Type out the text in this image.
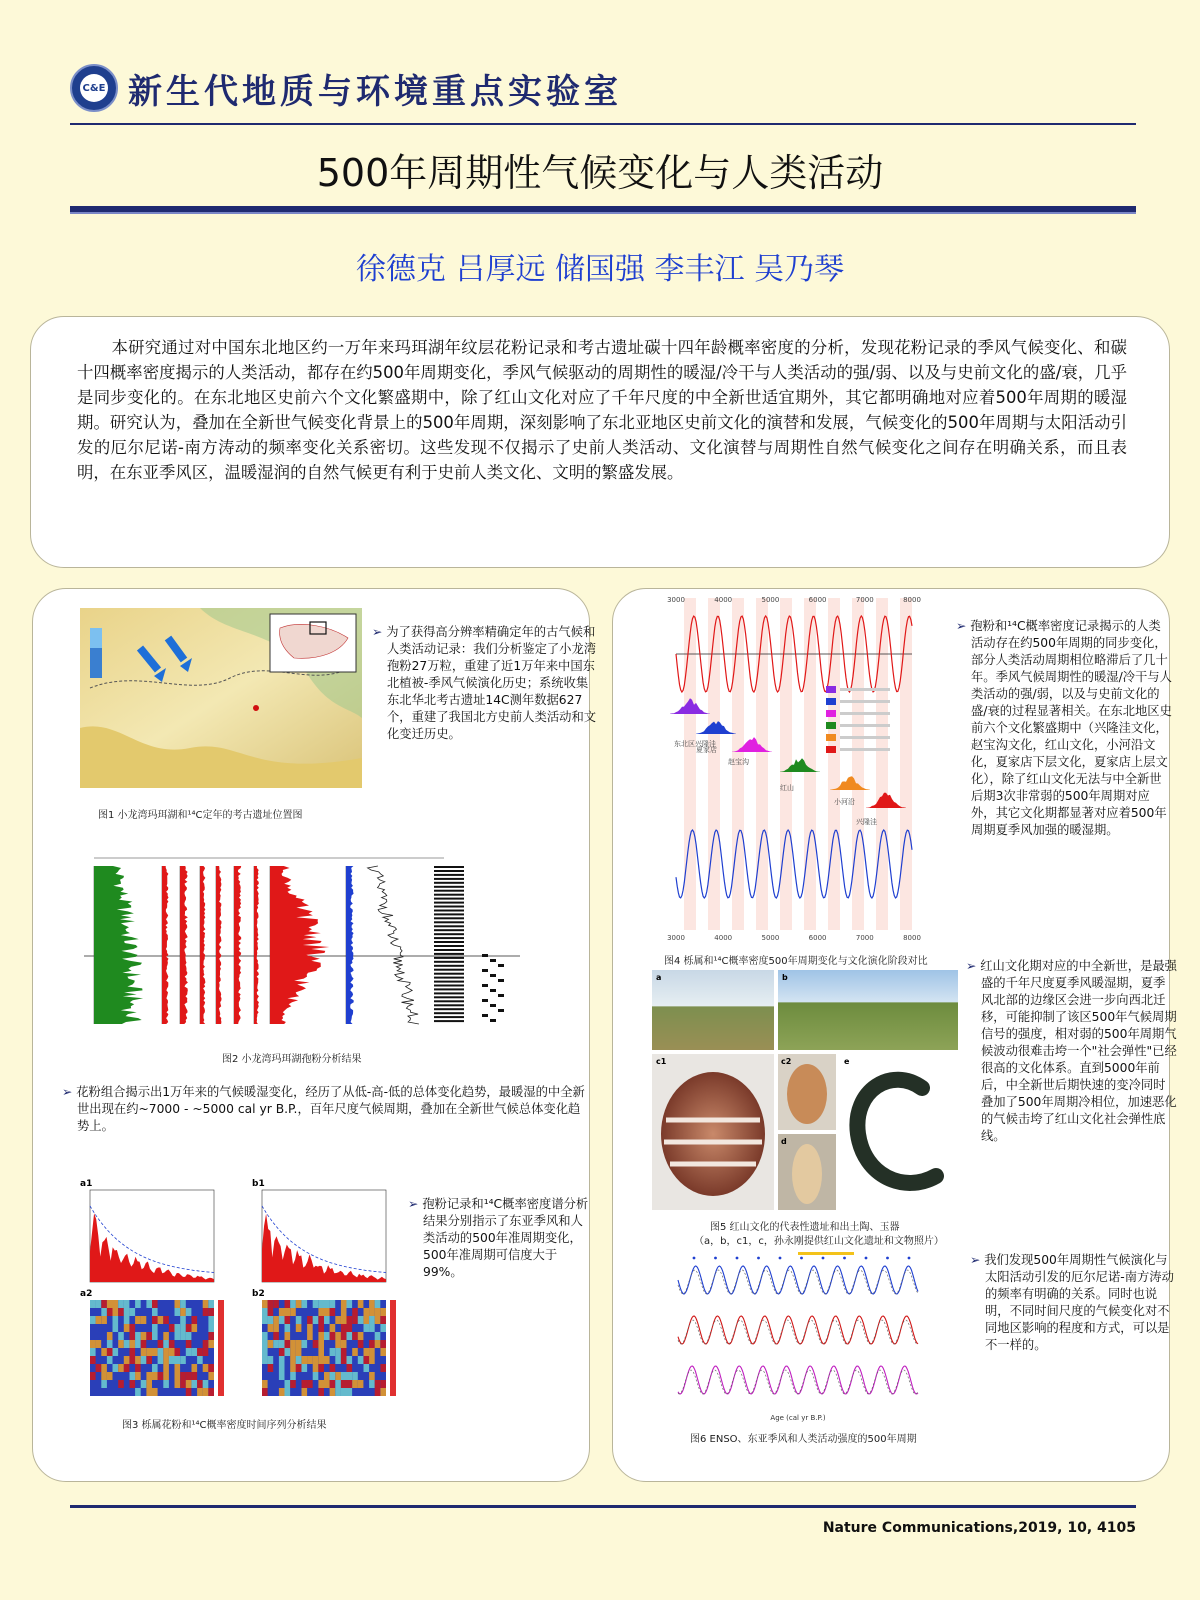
C&E 新生代地质与环境重点实验室
500年周期性气候变化与人类活动
徐德克 吕厚远 储国强 李丰江 吴乃琴
本研究通过对中国东北地区约一万年来玛珥湖年纹层花粉记录和考古遗址碳十四年龄概率密度的分析，发现花粉记录的季风气候变化、和碳十四概率密度揭示的人类活动，都存在约500年周期变化，季风气候驱动的周期性的暖湿/冷干与人类活动的强/弱、以及与史前文化的盛/衰，几乎是同步变化的。在东北地区史前六个文化繁盛期中，除了红山文化对应了千年尺度的中全新世适宜期外，其它都明确地对应着500年周期的暖湿期。研究认为，叠加在全新世气候变化背景上的500年周期，深刻影响了东北亚地区史前文化的演替和发展，气候变化的500年周期与太阳活动引发的厄尔尼诺-南方涛动的频率变化关系密切。这些发现不仅揭示了史前人类活动、文化演替与周期性自然气候变化之间存在明确关系，而且表明，在东亚季风区，温暖湿润的自然气候更有利于史前人类文化、文明的繁盛发展。
图1 小龙湾玛珥湖和¹⁴C定年的考古遗址位置图
➢ 为了获得高分辨率精确定年的古气候和人类活动记录：我们分析鉴定了小龙湾孢粉27万粒，重建了近1万年来中国东北植被-季风气候演化历史；系统收集东北华北考古遗址14C测年数据627个，重建了我国北方史前人类活动和文化变迁历史。
图2 小龙湾玛珥湖孢粉分析结果
➢ 花粉组合揭示出1万年来的气候暖湿变化，经历了从低-高-低的总体变化趋势，最暖湿的中全新世出现在约~7000 - ~5000 cal yr B.P.，百年尺度气候周期，叠加在全新世气候总体变化趋势上。
a1	b1
a2	b2
➢ 孢粉记录和¹⁴C概率密度谱分析结果分别指示了东亚季风和人类活动的500年准周期变化，500年准周期可信度大于99%。
图3 栎属花粉和¹⁴C概率密度时间序列分析结果
3000
3000
4000
4000
5000
5000
6000
6000
7000
7000
8000
8000
东北区兴隆洼
夏家店
红山
赵宝沟
小河沿
兴隆洼
图4 栎属和¹⁴C概率密度500年周期变化与文化演化阶段对比
➢ 孢粉和¹⁴C概率密度记录揭示的人类活动存在约500年周期的同步变化，部分人类活动周期相位略滞后了几十年。季风气候周期性的暖湿/冷干与人类活动的强/弱，以及与史前文化的盛/衰的过程显著相关。在东北地区史前六个文化繁盛期中（兴隆洼文化，赵宝沟文化，红山文化，小河沿文化，夏家店下层文化，夏家店上层文化），除了红山文化无法与中全新世后期3次非常弱的500年周期对应外，其它文化期都显著对应着500年周期夏季风加强的暖湿期。
a	b
c1	c2
d
e
图5 红山文化的代表性遗址和出土陶、玉器
（a，b，c1，c，孙永刚提供红山文化遗址和文物照片）
➢ 红山文化期对应的中全新世，是最强盛的千年尺度夏季风暖湿期，夏季风北部的边缘区会进一步向西北迁移，可能抑制了该区500年气候周期信号的强度，相对弱的500年周期气候波动很难击垮一个"社会弹性"已经很高的文化体系。直到5000年前后，中全新世后期快速的变冷同时叠加了500年周期冷相位，加速恶化的气候击垮了红山文化社会弹性底线。
Age (cal yr B.P.)
图6 ENSO、东亚季风和人类活动强度的500年周期
➢ 我们发现500年周期性气候演化与太阳活动引发的厄尔尼诺-南方涛动的频率有明确的关系。同时也说明，不同时间尺度的气候变化对不同地区影响的程度和方式，可以是不一样的。
Nature Communications,2019, 10, 4105
